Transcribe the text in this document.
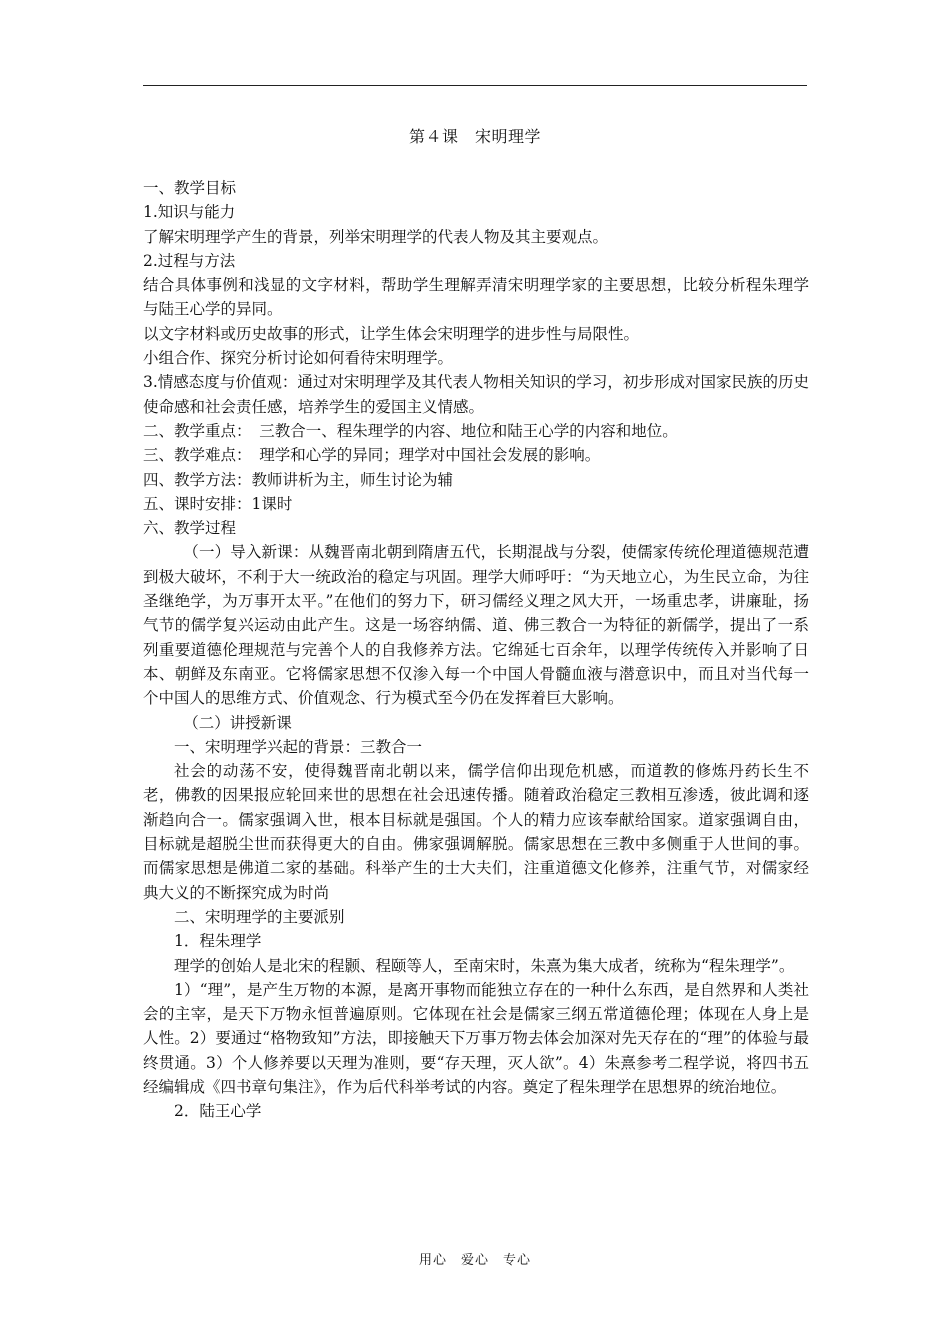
第４课　宋明理学

一、教学目标

1.知识与能力

了解宋明理学产生的背景，列举宋明理学的代表人物及其主要观点。

2.过程与方法

结合具体事例和浅显的文字材料，帮助学生理解弄清宋明理学家的主要思想，比较分析程朱理学与陆王心学的异同。

以文字材料或历史故事的形式，让学生体会宋明理学的进步性与局限性。

小组合作、探究分析讨论如何看待宋明理学。

3.情感态度与价值观：通过对宋明理学及其代表人物相关知识的学习，初步形成对国家民族的历史使命感和社会责任感，培养学生的爱国主义情感。

二、教学重点：　三教合一、程朱理学的内容、地位和陆王心学的内容和地位。

三、教学难点：　理学和心学的异同；理学对中国社会发展的影响。

四、教学方法：教师讲析为主，师生讨论为辅

五、课时安排：1课时

六、教学过程

（一）导入新课：从魏晋南北朝到隋唐五代，长期混战与分裂，使儒家传统伦理道德规范遭到极大破坏，不利于大一统政治的稳定与巩固。理学大师呼吁：“为天地立心，为生民立命，为往圣继绝学，为万事开太平。”在他们的努力下，研习儒经义理之风大开，一场重忠孝，讲廉耻，扬气节的儒学复兴运动由此产生。这是一场容纳儒、道、佛三教合一为特征的新儒学，提出了一系列重要道德伦理规范与完善个人的自我修养方法。它绵延七百余年，以理学传统传入并影响了日本、朝鲜及东南亚。它将儒家思想不仅渗入每一个中国人骨髓血液与潜意识中，而且对当代每一个中国人的思维方式、价值观念、行为模式至今仍在发挥着巨大影响。

（二）讲授新课

一、宋明理学兴起的背景：三教合一

社会的动荡不安，使得魏晋南北朝以来，儒学信仰出现危机感，而道教的修炼丹药长生不老，佛教的因果报应轮回来世的思想在社会迅速传播。随着政治稳定三教相互渗透，彼此调和逐渐趋向合一。儒家强调入世，根本目标就是强国。个人的精力应该奉献给国家。道家强调自由，目标就是超脱尘世而获得更大的自由。佛家强调解脱。儒家思想在三教中多侧重于人世间的事。而儒家思想是佛道二家的基础。科举产生的士大夫们，注重道德文化修养，注重气节，对儒家经典大义的不断探究成为时尚

二、宋明理学的主要派别

1．程朱理学

理学的创始人是北宋的程颢、程颐等人，至南宋时，朱熹为集大成者，统称为“程朱理学”。

1）“理”，是产生万物的本源，是离开事物而能独立存在的一种什么东西，是自然界和人类社会的主宰，是天下万物永恒普遍原则。它体现在社会是儒家三纲五常道德伦理；体现在人身上是人性。2）要通过“格物致知”方法，即接触天下万事万物去体会加深对先天存在的“理”的体验与最终贯通。3）个人修养要以天理为准则，要“存天理，灭人欲”。4）朱熹参考二程学说，将四书五经编辑成《四书章句集注》，作为后代科举考试的内容。奠定了程朱理学在思想界的统治地位。

2．陆王心学

用心　爱心　专心
